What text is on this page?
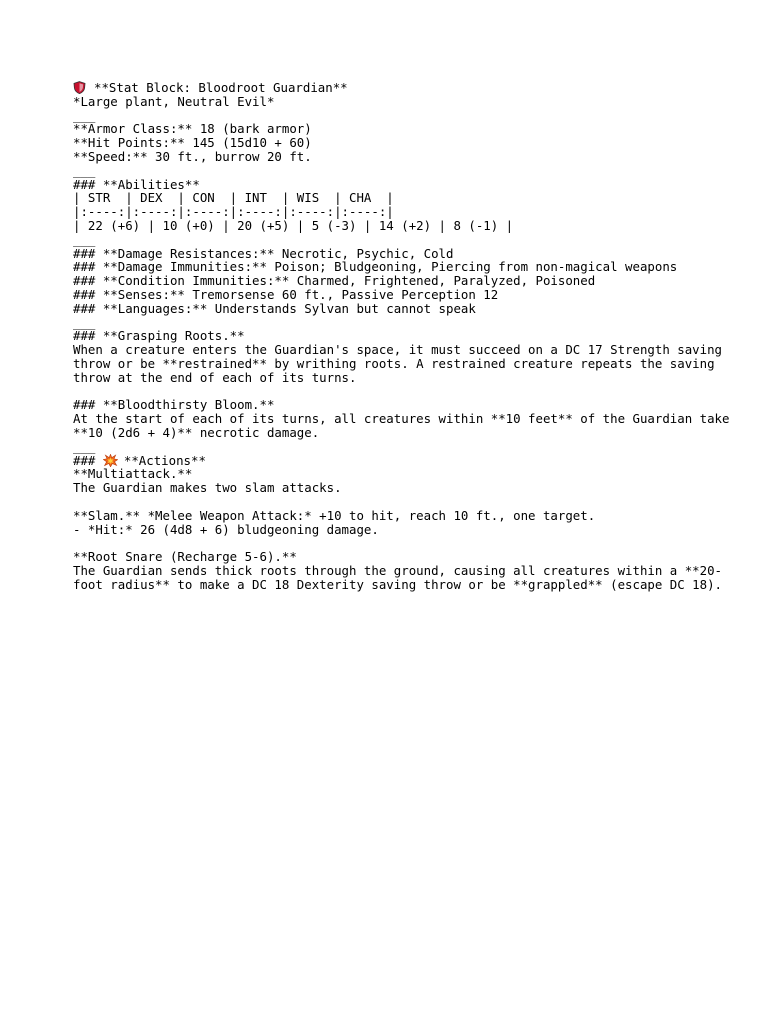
**Stat Block: Bloodroot Guardian**
*Large plant, Neutral Evil*
___
**Armor Class:** 18 (bark armor)
**Hit Points:** 145 (15d10 + 60)
**Speed:** 30 ft., burrow 20 ft.
___
### **Abilities**
| STR  | DEX  | CON  | INT  | WIS  | CHA  |
|:----:|:----:|:----:|:----:|:----:|:----:|
| 22 (+6) | 10 (+0) | 20 (+5) | 5 (-3) | 14 (+2) | 8 (-1) |
___
### **Damage Resistances:** Necrotic, Psychic, Cold
### **Damage Immunities:** Poison; Bludgeoning, Piercing from non-magical weapons
### **Condition Immunities:** Charmed, Frightened, Paralyzed, Poisoned
### **Senses:** Tremorsense 60 ft., Passive Perception 12
### **Languages:** Understands Sylvan but cannot speak
___
### **Grasping Roots.**
When a creature enters the Guardian's space, it must succeed on a DC 17 Strength saving throw or be **restrained** by writhing roots. A restrained creature repeats the saving throw at the end of each of its turns.
### **Bloodthirsty Bloom.**
At the start of each of its turns, all creatures within **10 feet** of the Guardian take **10 (2d6 + 4)** necrotic damage.
___
### **Actions**
**Multiattack.**
The Guardian makes two slam attacks.
**Slam.** *Melee Weapon Attack:* +10 to hit, reach 10 ft., one target.
- *Hit:* 26 (4d8 + 6) bludgeoning damage.
**Root Snare (Recharge 5-6).**
The Guardian sends thick roots through the ground, causing all creatures within a **20-foot radius** to make a DC 18 Dexterity saving throw or be **grappled** (escape DC 18).
